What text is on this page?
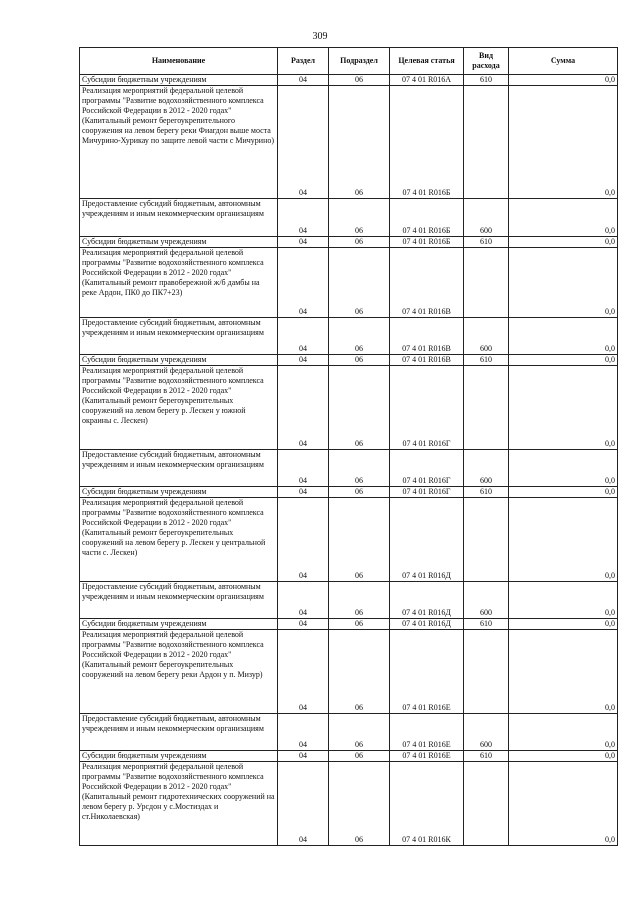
309
Наименование	Раздел	Подраздел	Целевая статья	Вид расхода	Сумма
Субсидии бюджетным учреждениям	04	06	07 4 01 R016А	610	0,0
Реализация мероприятий федеральной целевой программы "Развитие водохозяйственного комплекса Российской Федерации в 2012 - 2020 годах" (Капитальный ремонт берегоукрепительного сооружения на левом берегу реки Фиагдон выше моста Мичурино-Хурикау по защите левой части с Мичурино)	04	06	07 4 01 R016Б		0,0
Предоставление субсидий бюджетным, автономным учреждениям и иным некоммерческим организациям	04	06	07 4 01 R016Б	600	0,0
Субсидии бюджетным учреждениям	04	06	07 4 01 R016Б	610	0,0
Реализация мероприятий федеральной целевой программы "Развитие водохозяйственного комплекса Российской Федерации в 2012 - 2020 годах" (Капитальный ремонт правобережной ж/б дамбы на реке Ардон, ПК0 до ПК7+23)	04	06	07 4 01 R016В		0,0
Предоставление субсидий бюджетным, автономным учреждениям и иным некоммерческим организациям	04	06	07 4 01 R016В	600	0,0
Субсидии бюджетным учреждениям	04	06	07 4 01 R016В	610	0,0
Реализация мероприятий федеральной целевой программы "Развитие водохозяйственного комплекса Российской Федерации в 2012 - 2020 годах" (Капитальный ремонт берегоукрепительных сооружений на левом берегу р. Лескен у южной окраины с. Лескен)	04	06	07 4 01 R016Г		0,0
Предоставление субсидий бюджетным, автономным учреждениям и иным некоммерческим организациям	04	06	07 4 01 R016Г	600	0,0
Субсидии бюджетным учреждениям	04	06	07 4 01 R016Г	610	0,0
Реализация мероприятий федеральной целевой программы "Развитие водохозяйственного комплекса Российской Федерации в 2012 - 2020 годах" (Капитальный ремонт берегоукрепительных сооружений на левом берегу р. Лескен у центральной части с. Лескен)	04	06	07 4 01 R016Д		0,0
Предоставление субсидий бюджетным, автономным учреждениям и иным некоммерческим организациям	04	06	07 4 01 R016Д	600	0,0
Субсидии бюджетным учреждениям	04	06	07 4 01 R016Д	610	0,0
Реализация мероприятий федеральной целевой программы "Развитие водохозяйственного комплекса Российской Федерации в 2012 - 2020 годах" (Капитальный ремонт берегоукрепительных сооружений на левом берегу реки Ардон у п. Мизур)	04	06	07 4 01 R016Е		0,0
Предоставление субсидий бюджетным, автономным учреждениям и иным некоммерческим организациям	04	06	07 4 01 R016Е	600	0,0
Субсидии бюджетным учреждениям	04	06	07 4 01 R016Е	610	0,0
Реализация мероприятий федеральной целевой программы "Развитие водохозяйственного комплекса Российской Федерации в 2012 - 2020 годах" (Капитальный ремонт гидротехнических сооружений на левом берегу р. Урсдон у с.Мостиздах и ст.Николаевская)	04	06	07 4 01 R016К		0,0
